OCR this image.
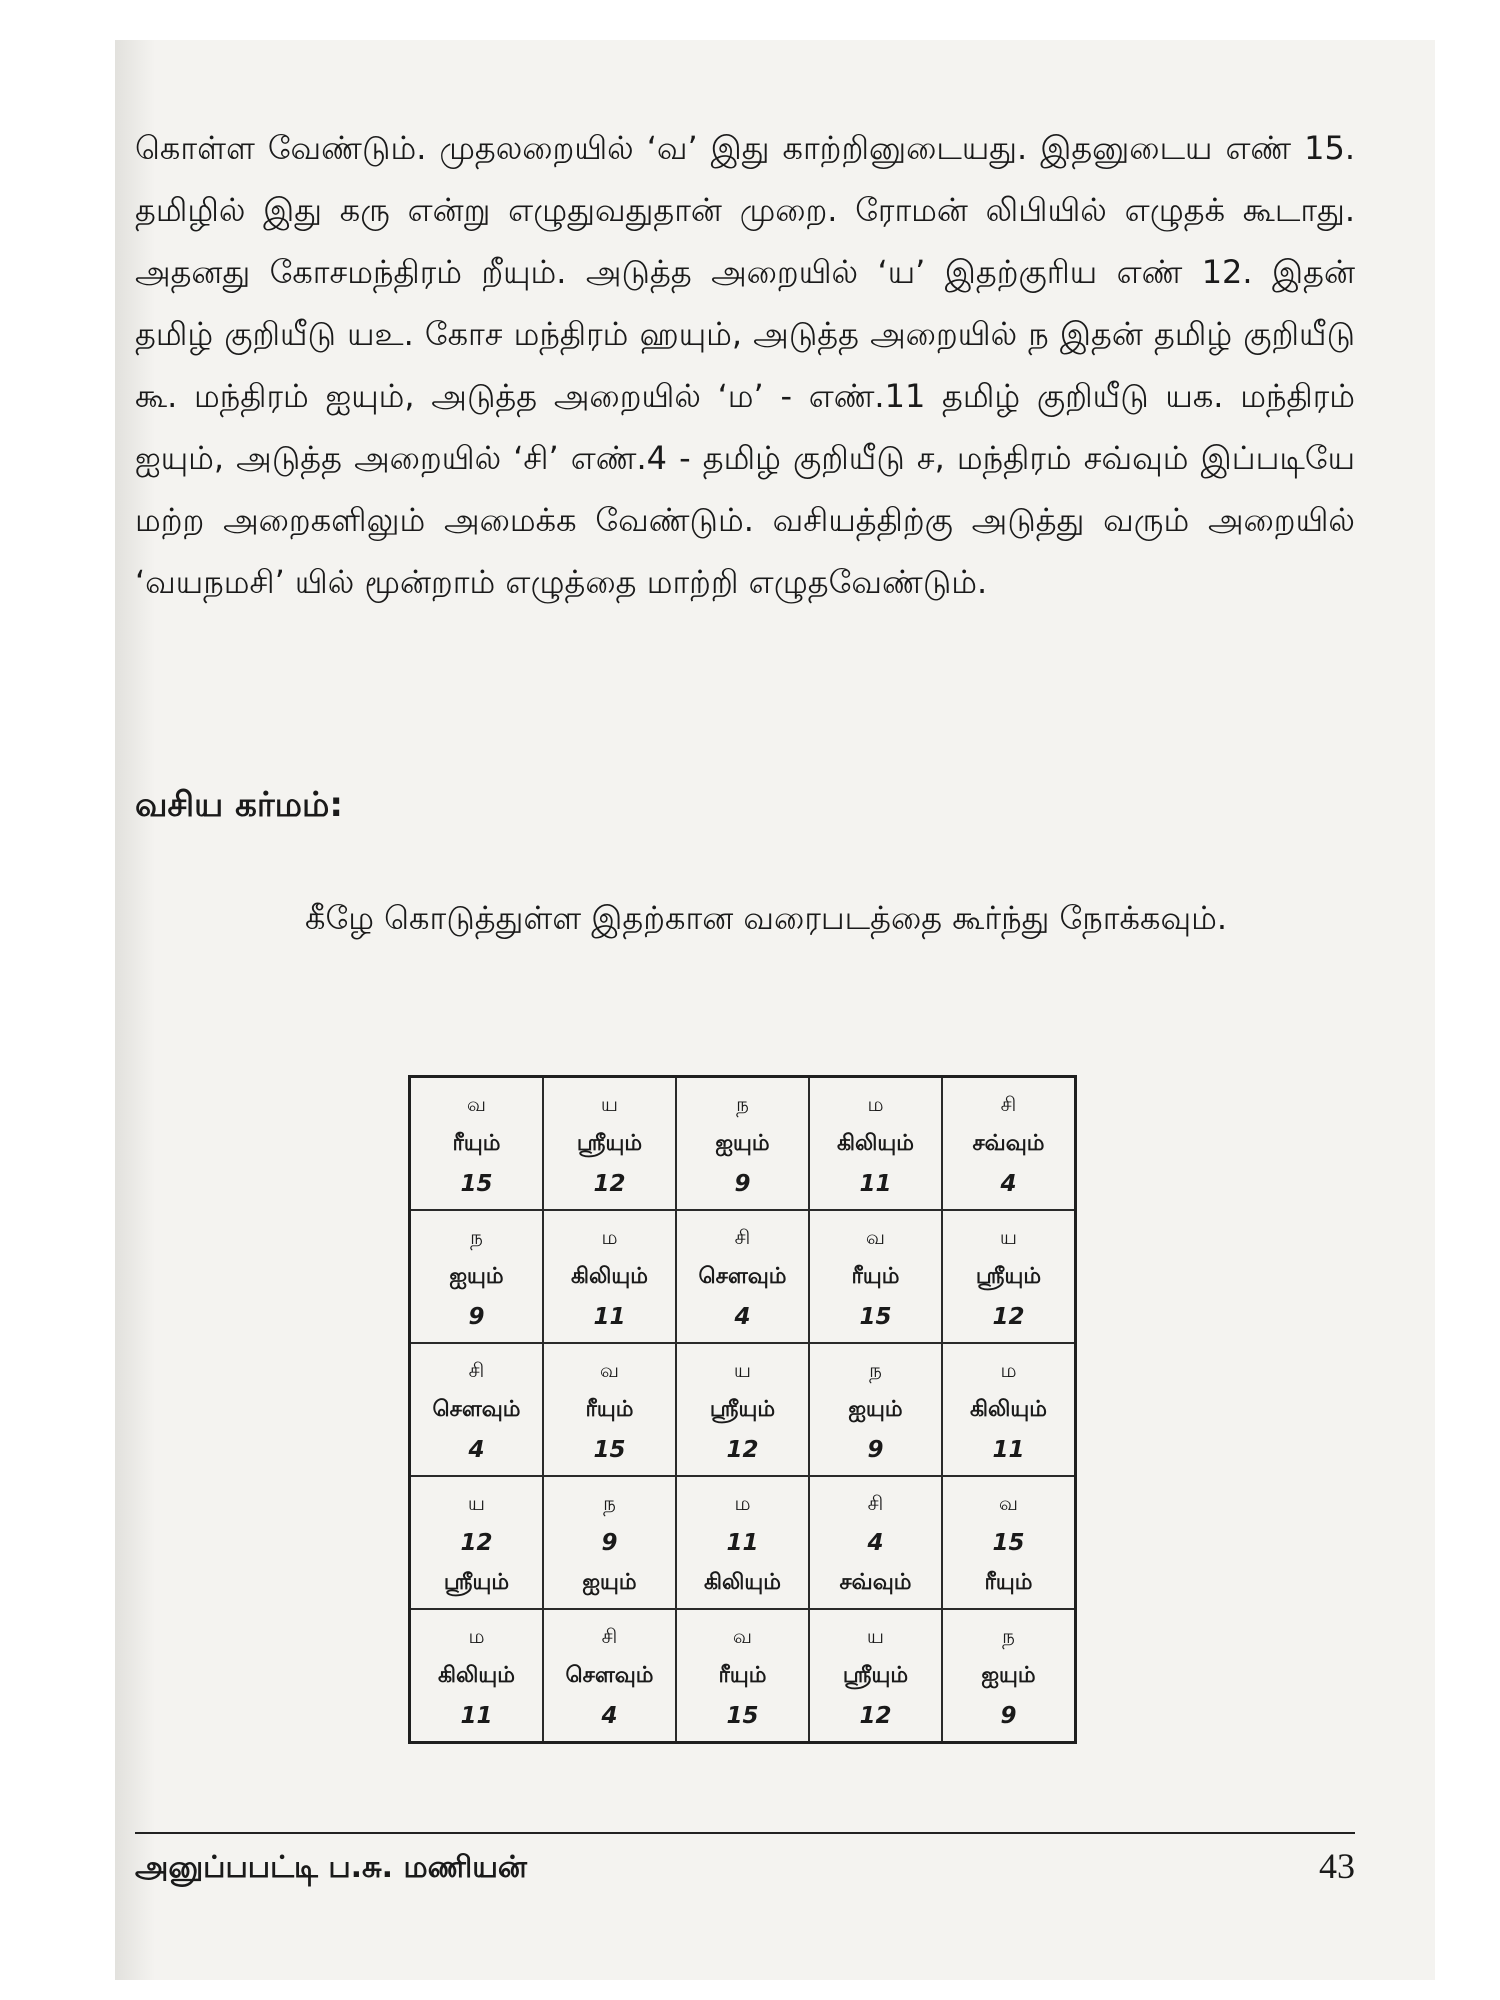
கொள்ள வேண்டும். முதலறையில் ‘வ’ இது காற்றினுடையது. இதனுடைய எண் 15. தமிழில் இது கரு என்று எழுதுவதுதான் முறை. ரோமன் லிபியில் எழுதக் கூடாது. அதனது கோசமந்திரம் றீயும். அடுத்த அறையில் ‘ய’ இதற்குரிய எண் 12. இதன் தமிழ் குறியீடு யஉ. கோச மந்திரம் ஹயும், அடுத்த அறையில் ந இதன் தமிழ் குறியீடு கூ. மந்திரம் ஐயும், அடுத்த அறையில் ‘ம’ - எண்.11 தமிழ் குறியீடு யக. மந்திரம் ஐயும், அடுத்த அறையில் ‘சி’ எண்.4 - தமிழ் குறியீடு ச, மந்திரம் சவ்வும் இப்படியே மற்ற அறைகளிலும் அமைக்க வேண்டும். வசியத்திற்கு அடுத்து வரும் அறையில் ‘வயநமசி’ யில் மூன்றாம் எழுத்தை மாற்றி எழுதவேண்டும்.

வசிய கர்மம்:

கீழே கொடுத்துள்ள இதற்கான வரைபடத்தை கூர்ந்து நோக்கவும்.

வ
ரீயும்
15	ய
ஸ்ரீயும்
12	ந
ஐயும்
9	ம
கிலியும்
11	சி
சவ்வும்
4

ந
ஐயும்
9	ம
கிலியும்
11	சி
சௌவும்
4	வ
ரீயும்
15	ய
ஸ்ரீயும்
12

சி
சௌவும்
4	வ
ரீயும்
15	ய
ஸ்ரீயும்
12	ந
ஐயும்
9	ம
கிலியும்
11

ய
12
ஸ்ரீயும்	ந
9
ஐயும்	ம
11
கிலியும்	சி
4
சவ்வும்	வ
15
ரீயும்

ம
கிலியும்
11	சி
சௌவும்
4	வ
ரீயும்
15	ய
ஸ்ரீயும்
12	ந
ஐயும்
9
அனுப்பபட்டி ப.சு. மணியன்	43
